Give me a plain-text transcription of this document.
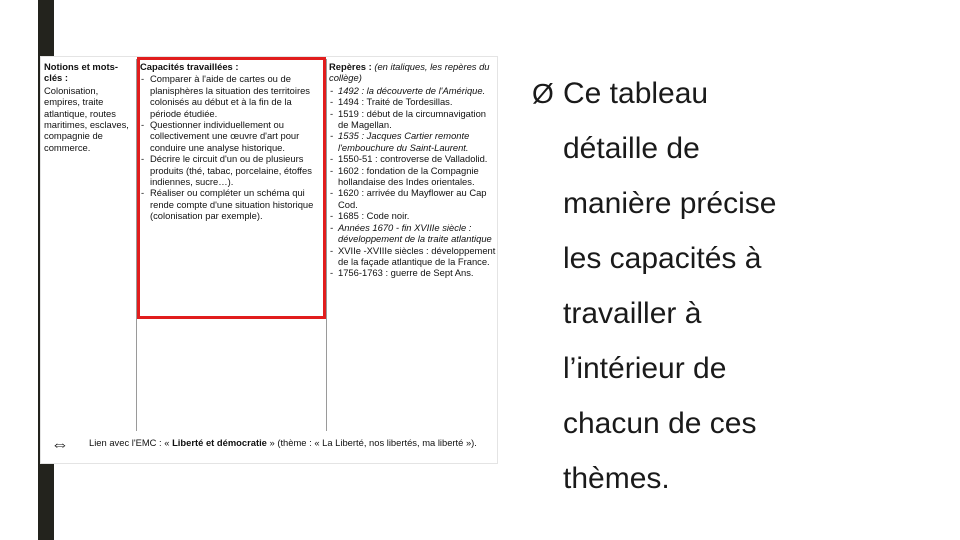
Notions et mots-clés :
Colonisation, empires, traite atlantique, routes maritimes, esclaves, compagnie de commerce.
Capacités travaillées :
- Comparer à l'aide de cartes ou de planisphères la situation des territoires colonisés au début et à la fin de la période étudiée.
- Questionner individuellement ou collectivement une œuvre d'art pour conduire une analyse historique.
- Décrire le circuit d'un ou de plusieurs produits (thé, tabac, porcelaine, étoffes indiennes, sucre…).
- Réaliser ou compléter un schéma qui rende compte d'une situation historique (colonisation par exemple).
Repères : (en italiques, les repères du collège)
- 1492 : la découverte de l'Amérique.
- 1494 : Traité de Tordesillas.
- 1519 : début de la circumnavigation de Magellan.
- 1535 : Jacques Cartier remonte l'embouchure du Saint-Laurent.
- 1550-51 : controverse de Valladolid.
- 1602 : fondation de la Compagnie hollandaise des Indes orientales.
- 1620 : arrivée du Mayflower au Cap Cod.
- 1685 : Code noir.
- Années 1670 - fin XVIIIe siècle : développement de la traite atlantique
- XVIIe -XVIIIe siècles : développement de la façade atlantique de la France.
- 1756-1763 : guerre de Sept Ans.
⇔	Lien avec l'EMC : « Liberté et démocratie » (thème : « La Liberté, nos libertés, ma liberté »).
Ø Ce tableau
détaille de
manière précise
les capacités à
travailler à
l’intérieur de
chacun de ces
thèmes.
